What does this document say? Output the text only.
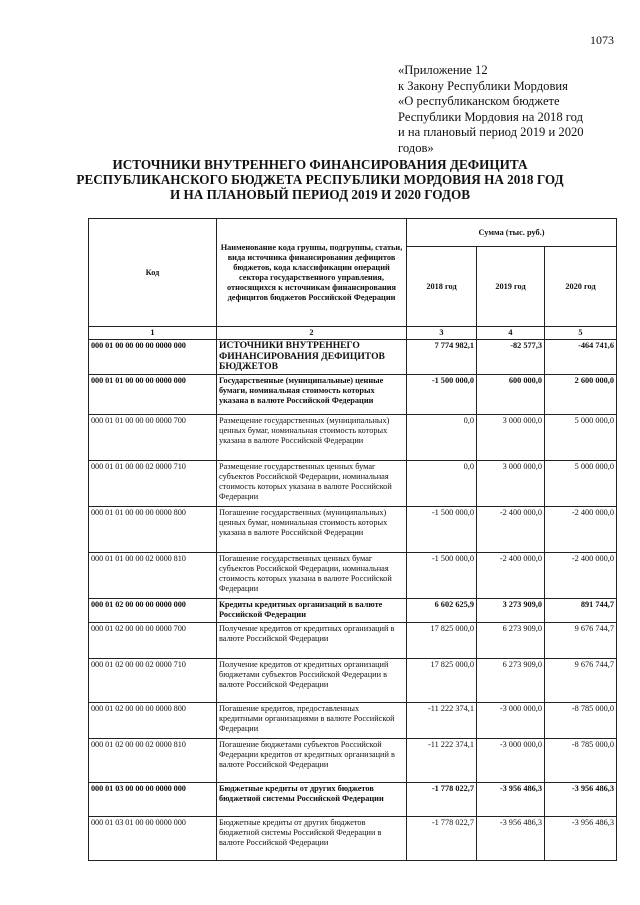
1073
«Приложение 12
к Закону Республики Мордовия
«О республиканском бюджете
Республики Мордовия на 2018 год
и на плановый период 2019 и 2020
годов»
ИСТОЧНИКИ ВНУТРЕННЕГО ФИНАНСИРОВАНИЯ ДЕФИЦИТА
РЕСПУБЛИКАНСКОГО БЮДЖЕТА РЕСПУБЛИКИ МОРДОВИЯ НА 2018 ГОД
И НА ПЛАНОВЫЙ ПЕРИОД 2019 И 2020 ГОДОВ
Код	Наименование кода группы, подгруппы, статьи, вида источника финансирования дефицитов бюджетов, кода классификации операций сектора государственного управления, относящихся к источникам финансирования дефицитов бюджетов Российской Федерации	Сумма (тыс. руб.)		
		2018 год	2019 год	2020 год
1	2	3	4	5
000 01 00 00 00 00 0000 000	ИСТОЧНИКИ ВНУТРЕННЕГО ФИНАНСИРОВАНИЯ ДЕФИЦИТОВ БЮДЖЕТОВ	7 774 982,1	-82 577,3	-464 741,6
000 01 01 00 00 00 0000 000	Государственные (муниципальные) ценные бумаги, номинальная стоимость которых указана в валюте Российской Федерации	-1 500 000,0	600 000,0	2 600 000,0
000 01 01 00 00 00 0000 700	Размещение государственных (муниципальных) ценных бумаг, номинальная стоимость которых указана в валюте Российской Федерации	0,0	3 000 000,0	5 000 000,0
000 01 01 00 00 02 0000 710	Размещение государственных ценных бумаг субъектов Российской Федерации, номинальная стоимость которых указана в валюте Российской Федерации	0,0	3 000 000,0	5 000 000,0
000 01 01 00 00 00 0000 800	Погашение государственных (муниципальных) ценных бумаг, номинальная стоимость которых указана в валюте Российской Федерации	-1 500 000,0	-2 400 000,0	-2 400 000,0
000 01 01 00 00 02 0000 810	Погашение государственных ценных бумаг субъектов Российской Федерации, номинальная стоимость которых указана в валюте Российской Федерации	-1 500 000,0	-2 400 000,0	-2 400 000,0
000 01 02 00 00 00 0000 000	Кредиты кредитных организаций в валюте Российской Федерации	6 602 625,9	3 273 909,0	891 744,7
000 01 02 00 00 00 0000 700	Получение кредитов от кредитных организаций в валюте Российской Федерации	17 825 000,0	6 273 909,0	9 676 744,7
000 01 02 00 00 02 0000 710	Получение кредитов от кредитных организаций бюджетами субъектов Российской Федерации в валюте Российской Федерации	17 825 000,0	6 273 909,0	9 676 744,7
000 01 02 00 00 00 0000 800	Погашение кредитов, предоставленных кредитными организациями в валюте Российской Федерации	-11 222 374,1	-3 000 000,0	-8 785 000,0
000 01 02 00 00 02 0000 810	Погашение бюджетами субъектов Российской Федерации кредитов от кредитных организаций в валюте Российской Федерации	-11 222 374,1	-3 000 000,0	-8 785 000,0
000 01 03 00 00 00 0000 000	Бюджетные кредиты от других бюджетов бюджетной системы Российской Федерации	-1 778 022,7	-3 956 486,3	-3 956 486,3
000 01 03 01 00 00 0000 000	Бюджетные кредиты от других бюджетов бюджетной системы Российской Федерации в валюте Российской Федерации	-1 778 022,7	-3 956 486,3	-3 956 486,3
